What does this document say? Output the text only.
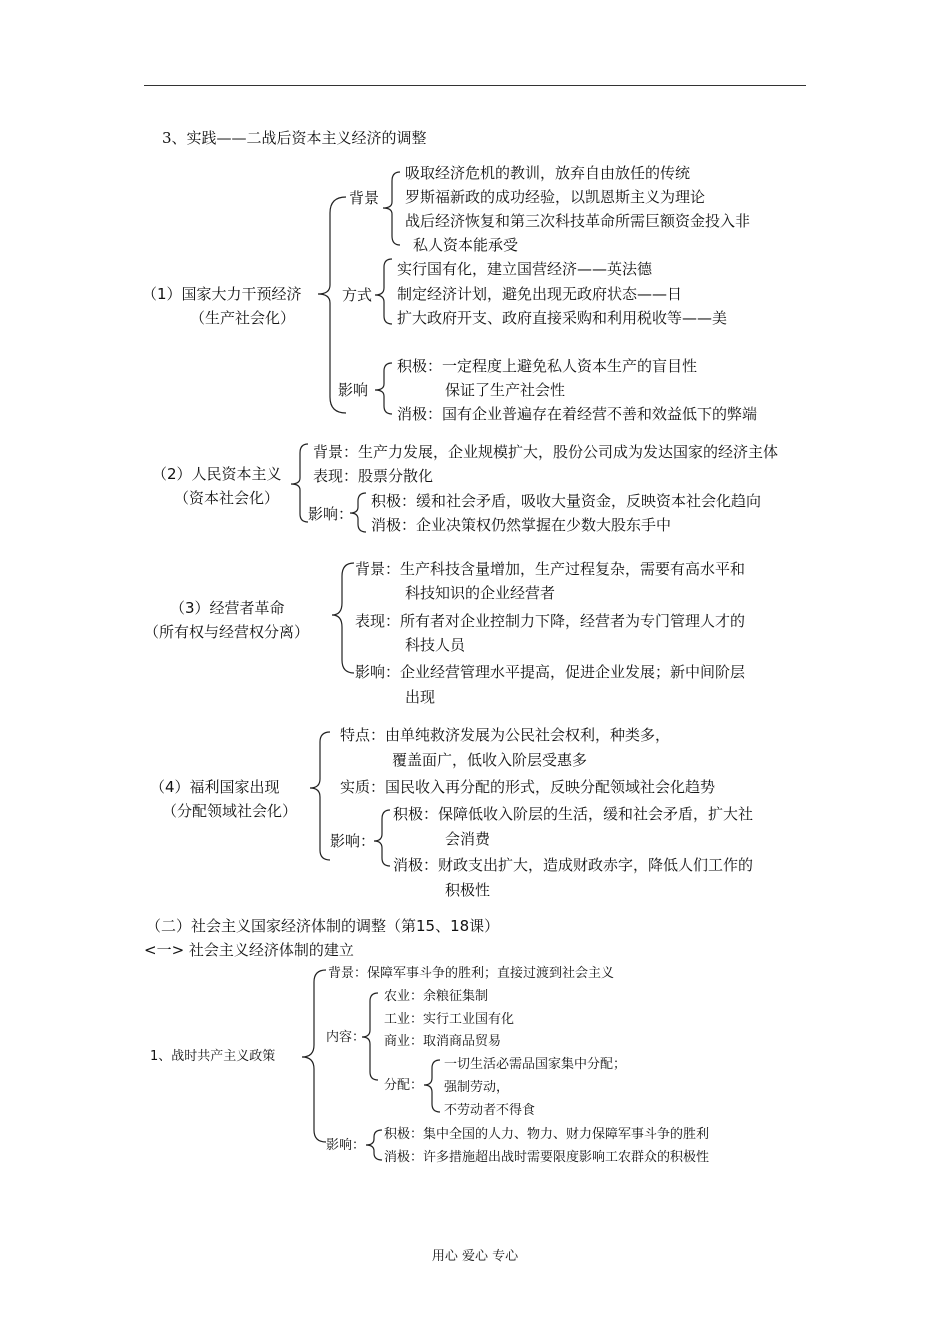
3、实践——二战后资本主义经济的调整
（1）国家大力干预经济
（生产社会化）
背景
吸取经济危机的教训，放弃自由放任的传统
罗斯福新政的成功经验，以凯恩斯主义为理论
战后经济恢复和第三次科技革命所需巨额资金投入非
私人资本能承受
方式
实行国有化，建立国营经济——英法德
制定经济计划，避免出现无政府状态——日
扩大政府开支、政府直接采购和利用税收等——美
影响
积极：一定程度上避免私人资本生产的盲目性
保证了生产社会性
消极：国有企业普遍存在着经营不善和效益低下的弊端
（2）人民资本主义
（资本社会化）
背景：生产力发展，企业规模扩大，股份公司成为发达国家的经济主体
表现：股票分散化
影响：
积极：缓和社会矛盾，吸收大量资金，反映资本社会化趋向
消极：企业决策权仍然掌握在少数大股东手中
（3）经营者革命
（所有权与经营权分离）
背景：生产科技含量增加，生产过程复杂，需要有高水平和
科技知识的企业经营者
表现：所有者对企业控制力下降，经营者为专门管理人才的
科技人员
影响：企业经营管理水平提高，促进企业发展；新中间阶层
出现
（4）福利国家出现
（分配领域社会化）
特点：由单纯救济发展为公民社会权利，种类多，
覆盖面广，低收入阶层受惠多
实质：国民收入再分配的形式，反映分配领域社会化趋势
影响：
积极：保障低收入阶层的生活，缓和社会矛盾，扩大社
会消费
消极：财政支出扩大，造成财政赤字，降低人们工作的
积极性
（二）社会主义国家经济体制的调整（第15、18课）
<一> 社会主义经济体制的建立
1、战时共产主义政策
背景：保障军事斗争的胜利；直接过渡到社会主义
内容：
农业：余粮征集制
工业：实行工业国有化
商业：取消商品贸易
分配：
一切生活必需品国家集中分配；
强制劳动，
不劳动者不得食
影响：
积极：集中全国的人力、物力、财力保障军事斗争的胜利
消极：许多措施超出战时需要限度影响工农群众的积极性
用心 爱心 专心
